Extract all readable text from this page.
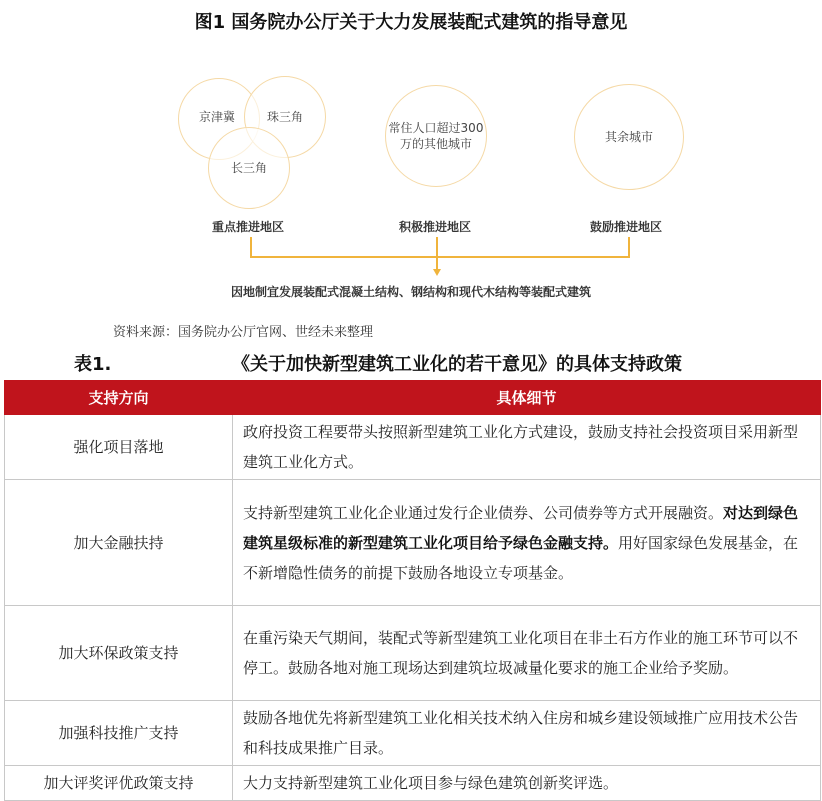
图1 国务院办公厅关于大力发展装配式建筑的指导意见
京津冀	珠三角
长三角
常住人口超过300
万的其他城市	其余城市
重点推进地区	积极推进地区	鼓励推进地区
因地制宜发展装配式混凝土结构、钢结构和现代木结构等装配式建筑
资料来源：国务院办公厅官网、世经未来整理
表1.	《关于加快新型建筑工业化的若干意见》的具体支持政策
支持方向	具体细节
强化项目落地	政府投资工程要带头按照新型建筑工业化方式建设，鼓励支持社会投资项目采用新型建筑工业化方式。
加大金融扶持	支持新型建筑工业化企业通过发行企业债券、公司债券等方式开展融资。对达到绿色建筑星级标准的新型建筑工业化项目给予绿色金融支持。用好国家绿色发展基金，在不新增隐性债务的前提下鼓励各地设立专项基金。
加大环保政策支持	在重污染天气期间，装配式等新型建筑工业化项目在非土石方作业的施工环节可以不停工。鼓励各地对施工现场达到建筑垃圾减量化要求的施工企业给予奖励。
加强科技推广支持	鼓励各地优先将新型建筑工业化相关技术纳入住房和城乡建设领域推广应用技术公告和科技成果推广目录。
加大评奖评优政策支持	大力支持新型建筑工业化项目参与绿色建筑创新奖评选。
